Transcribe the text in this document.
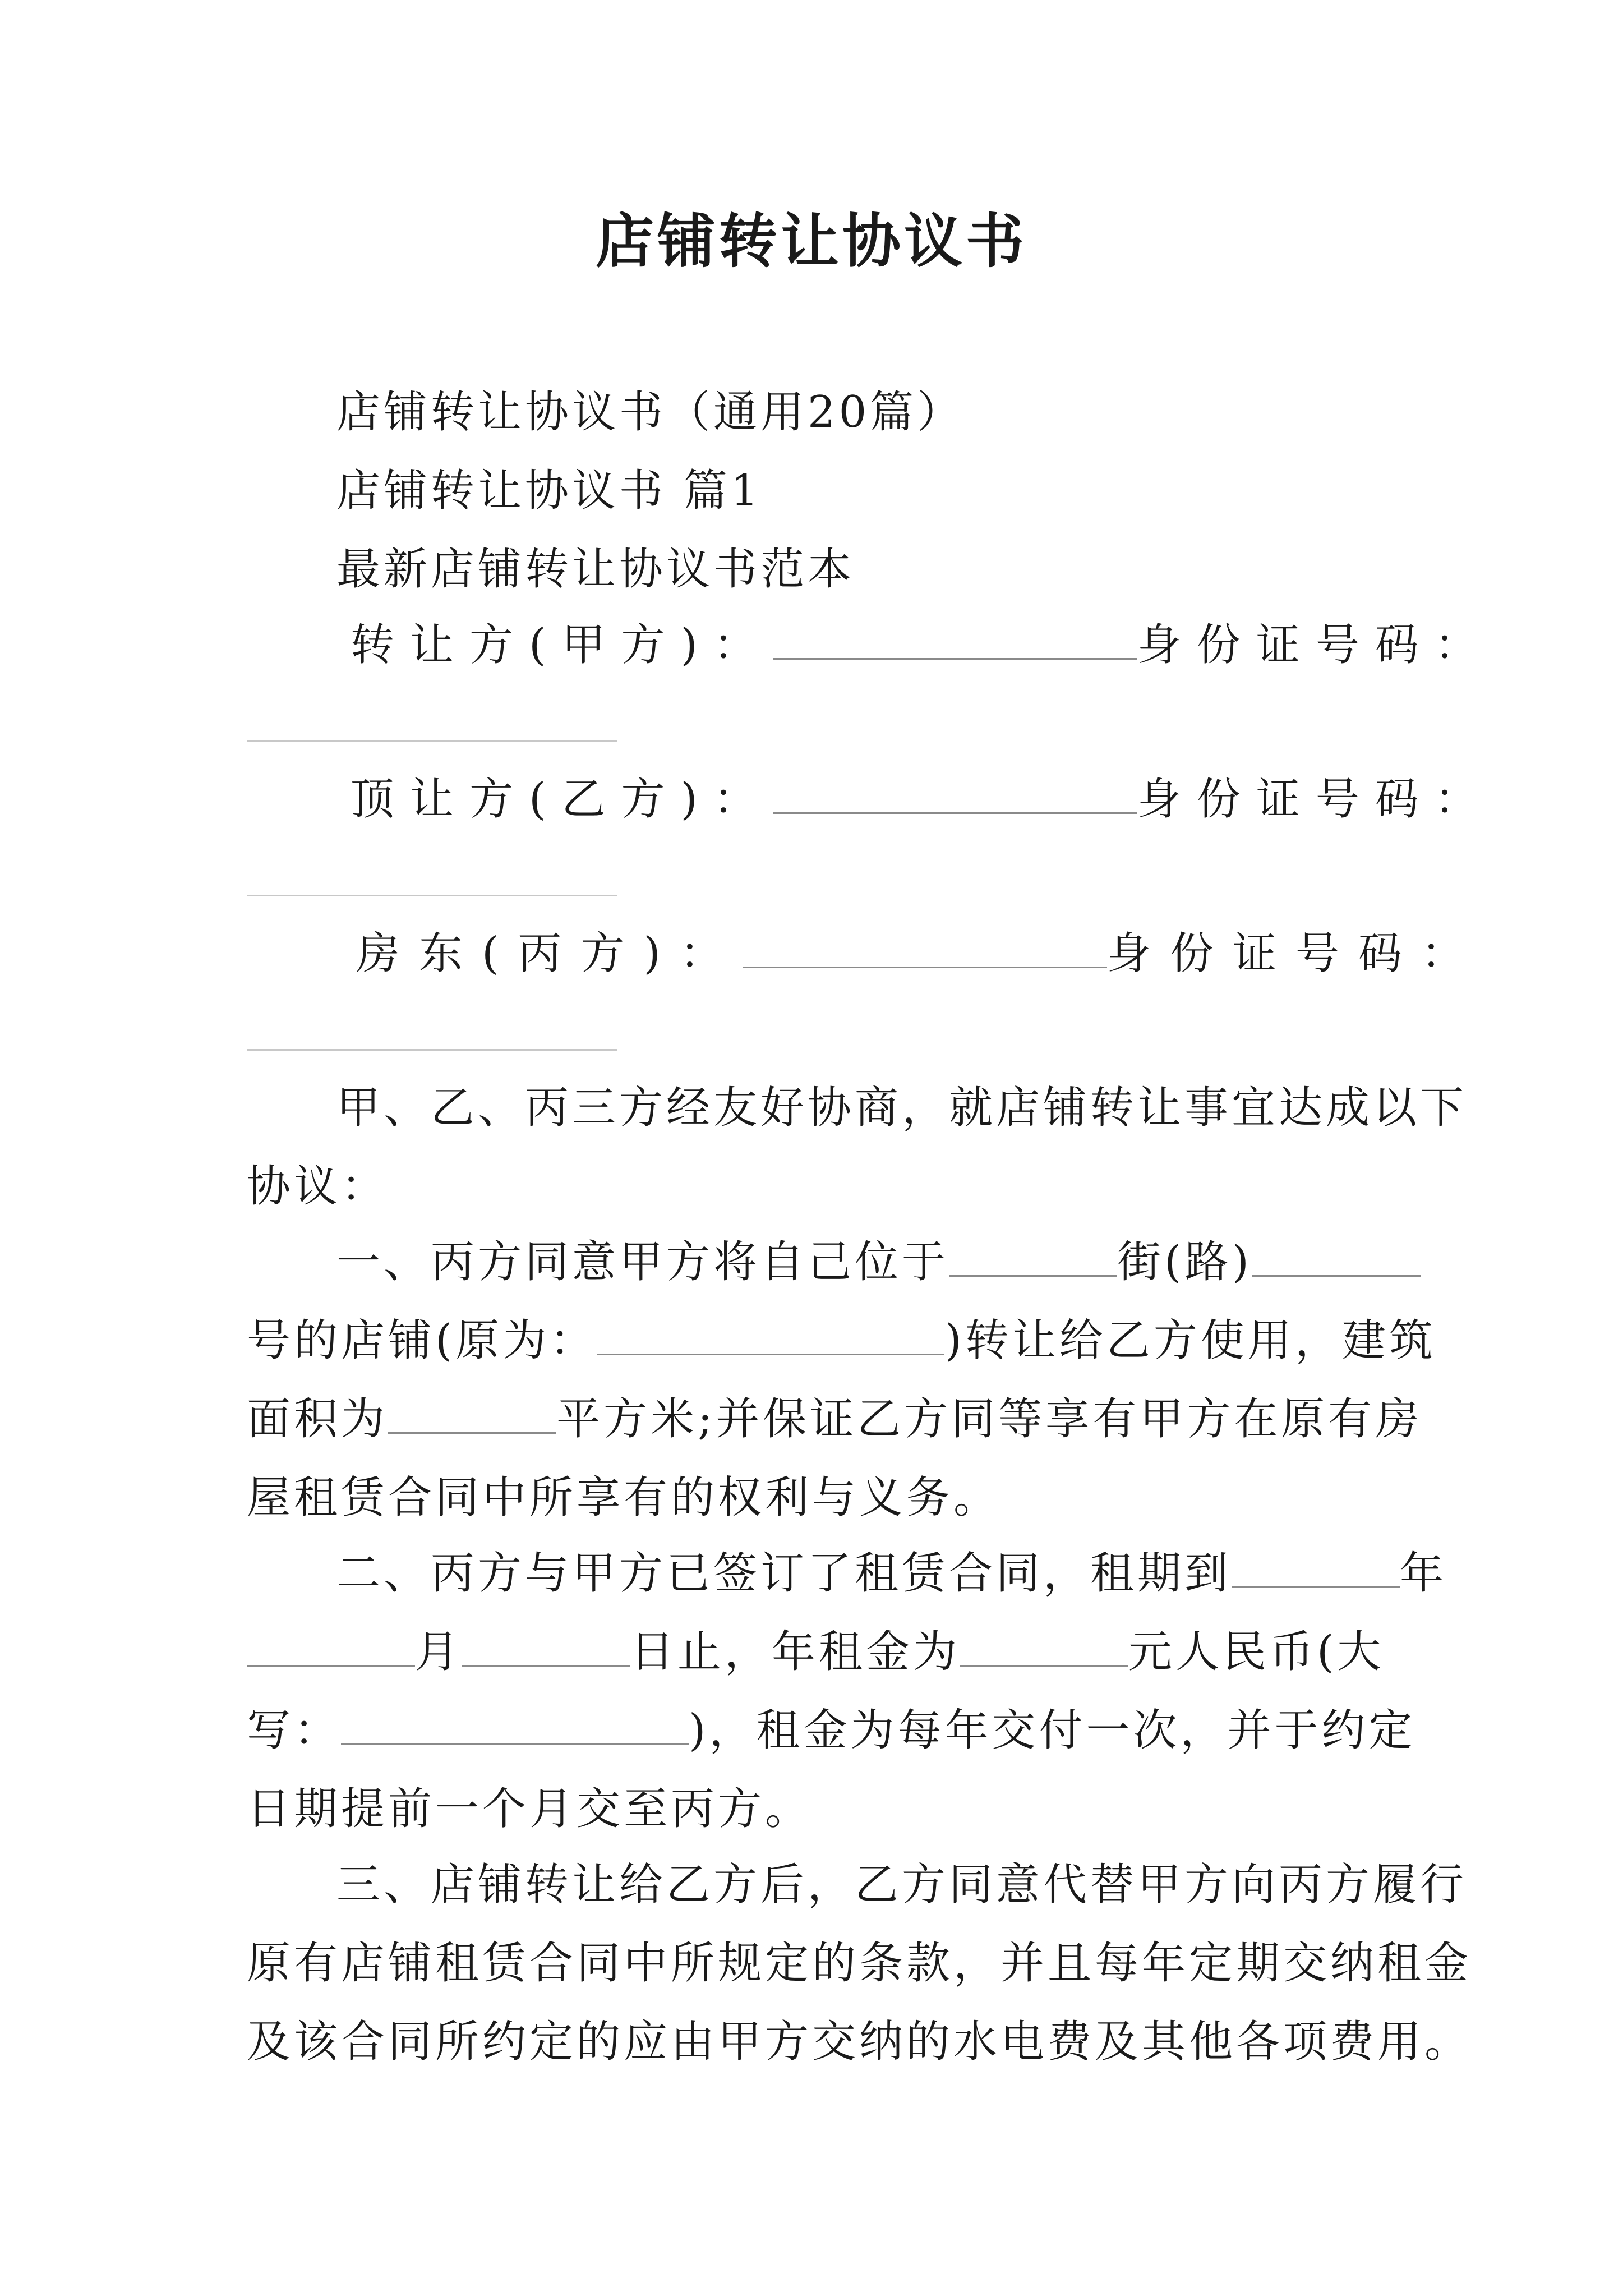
店铺转让协议书
店铺转让协议书（通用20篇）
店铺转让协议书 篇1
最新店铺转让协议书范本
转让方(甲方)：	身份证号码：
顶让方(乙方)：	身份证号码：
房东(丙方)：	身份证号码：
甲、乙、丙三方经友好协商，就店铺转让事宜达成以下
协议：
一、丙方同意甲方将自己位于	街(路)
号的店铺(原为：	)转让给乙方使用，建筑
面积为	平方米;并保证乙方同等享有甲方在原有房
屋租赁合同中所享有的权利与义务。
二、丙方与甲方已签订了租赁合同，租期到	年
月	日止，年租金为	元人民币(大
写：	)，租金为每年交付一次，并于约定
日期提前一个月交至丙方。
三、店铺转让给乙方后，乙方同意代替甲方向丙方履行
原有店铺租赁合同中所规定的条款，并且每年定期交纳租金
及该合同所约定的应由甲方交纳的水电费及其他各项费用。
